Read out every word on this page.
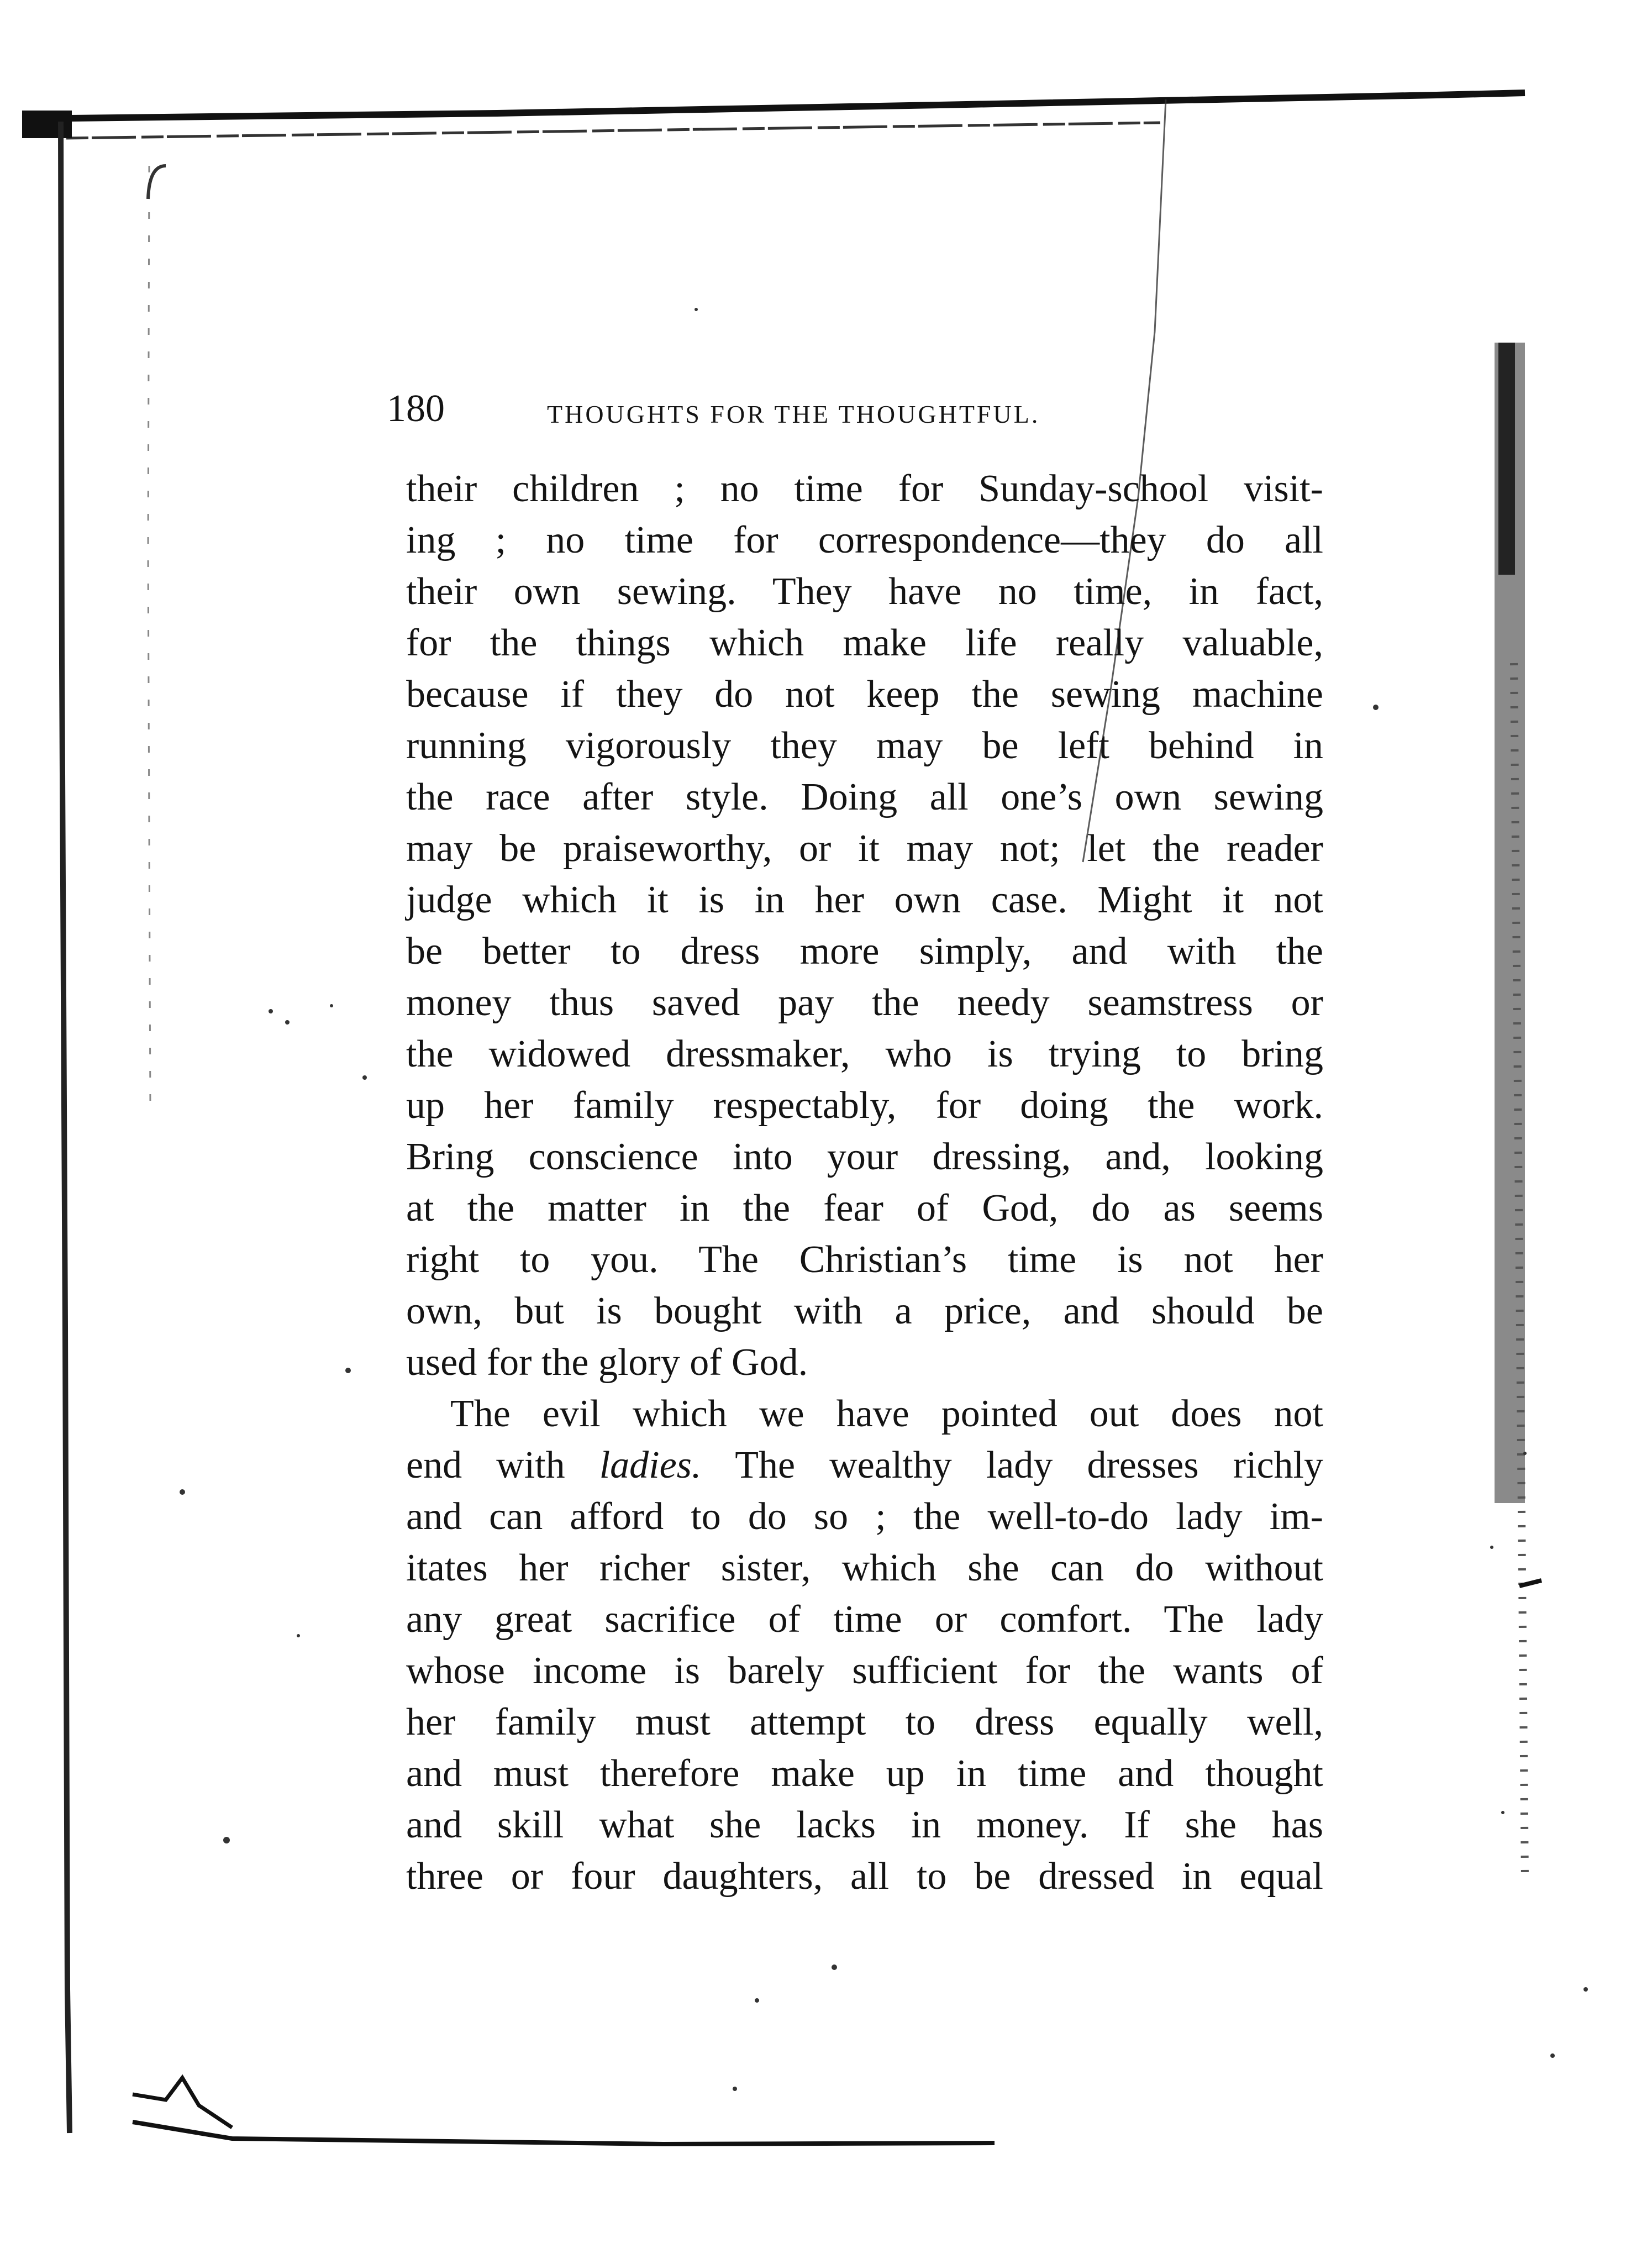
180	THOUGHTS FOR THE THOUGHTFUL.
their children ; no time for Sunday-school visit-
ing ; no time for correspondence—they do all
their own sewing. They have no time, in fact,
for the things which make life really valuable,
because if they do not keep the sewing machine
running vigorously they may be left behind in
the race after style. Doing all one’s own sewing
may be praiseworthy, or it may not; let the reader
judge which it is in her own case. Might it not
be better to dress more simply, and with the
money thus saved pay the needy seamstress or
the widowed dressmaker, who is trying to bring
up her family respectably, for doing the work.
Bring conscience into your dressing, and, looking
at the matter in the fear of God, do as seems
right to you. The Christian’s time is not her
own, but is bought with a price, and should be
used for the glory of God.
The evil which we have pointed out does not
end with ladies. The wealthy lady dresses richly
and can afford to do so ; the well-to-do lady im-
itates her richer sister, which she can do without
any great sacrifice of time or comfort. The lady
whose income is barely sufficient for the wants of
her family must attempt to dress equally well,
and must therefore make up in time and thought
and skill what she lacks in money. If she has
three or four daughters, all to be dressed in equal
